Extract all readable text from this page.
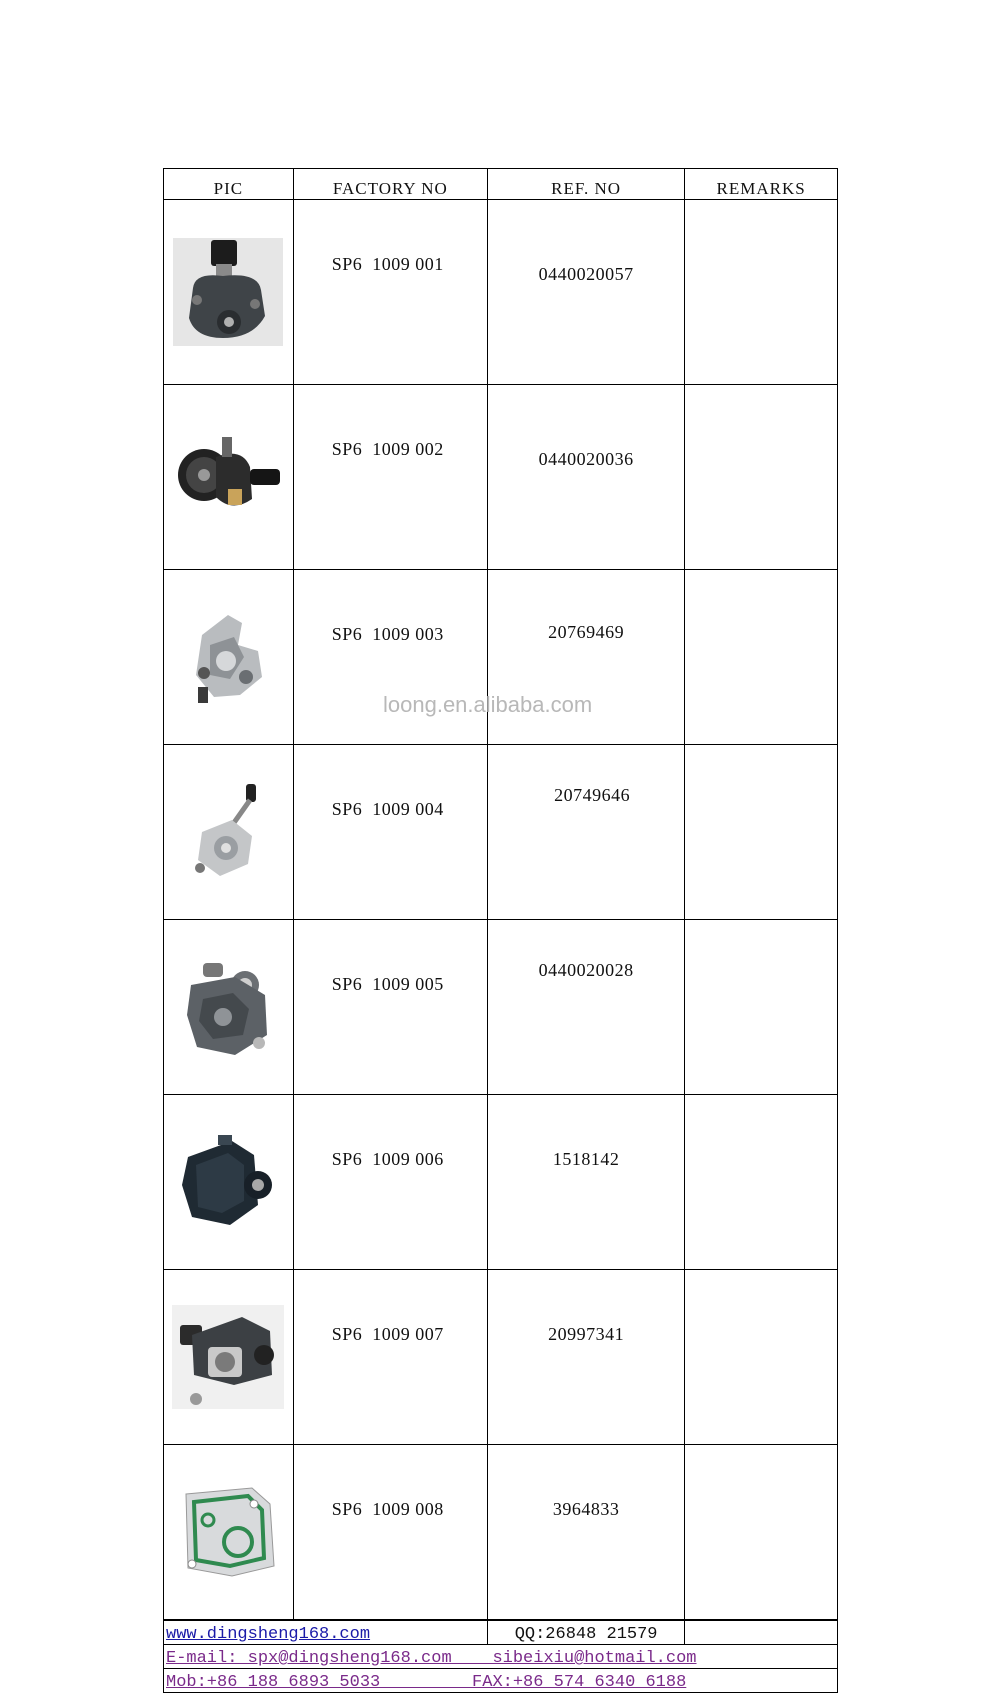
PIC	FACTORY NO	REF. NO	REMARKS

	SP6  1009 001	0440020057	

	SP6  1009 002	0440020036	

	SP6  1009 003	20769469	

	SP6  1009 004	20749646	

	SP6  1009 005	0440020028	

	SP6  1009 006	1518142	

	SP6  1009 007	20997341	

	SP6  1009 008	3964833	

www.dingsheng168.com	QQ:26848 21579	
E-mail: spx@dingsheng168.com    sibeixiu@hotmail.com
Mob:+86 188 6893 5033         FAX:+86 574 6340 6188
loong.en.alibaba.com
